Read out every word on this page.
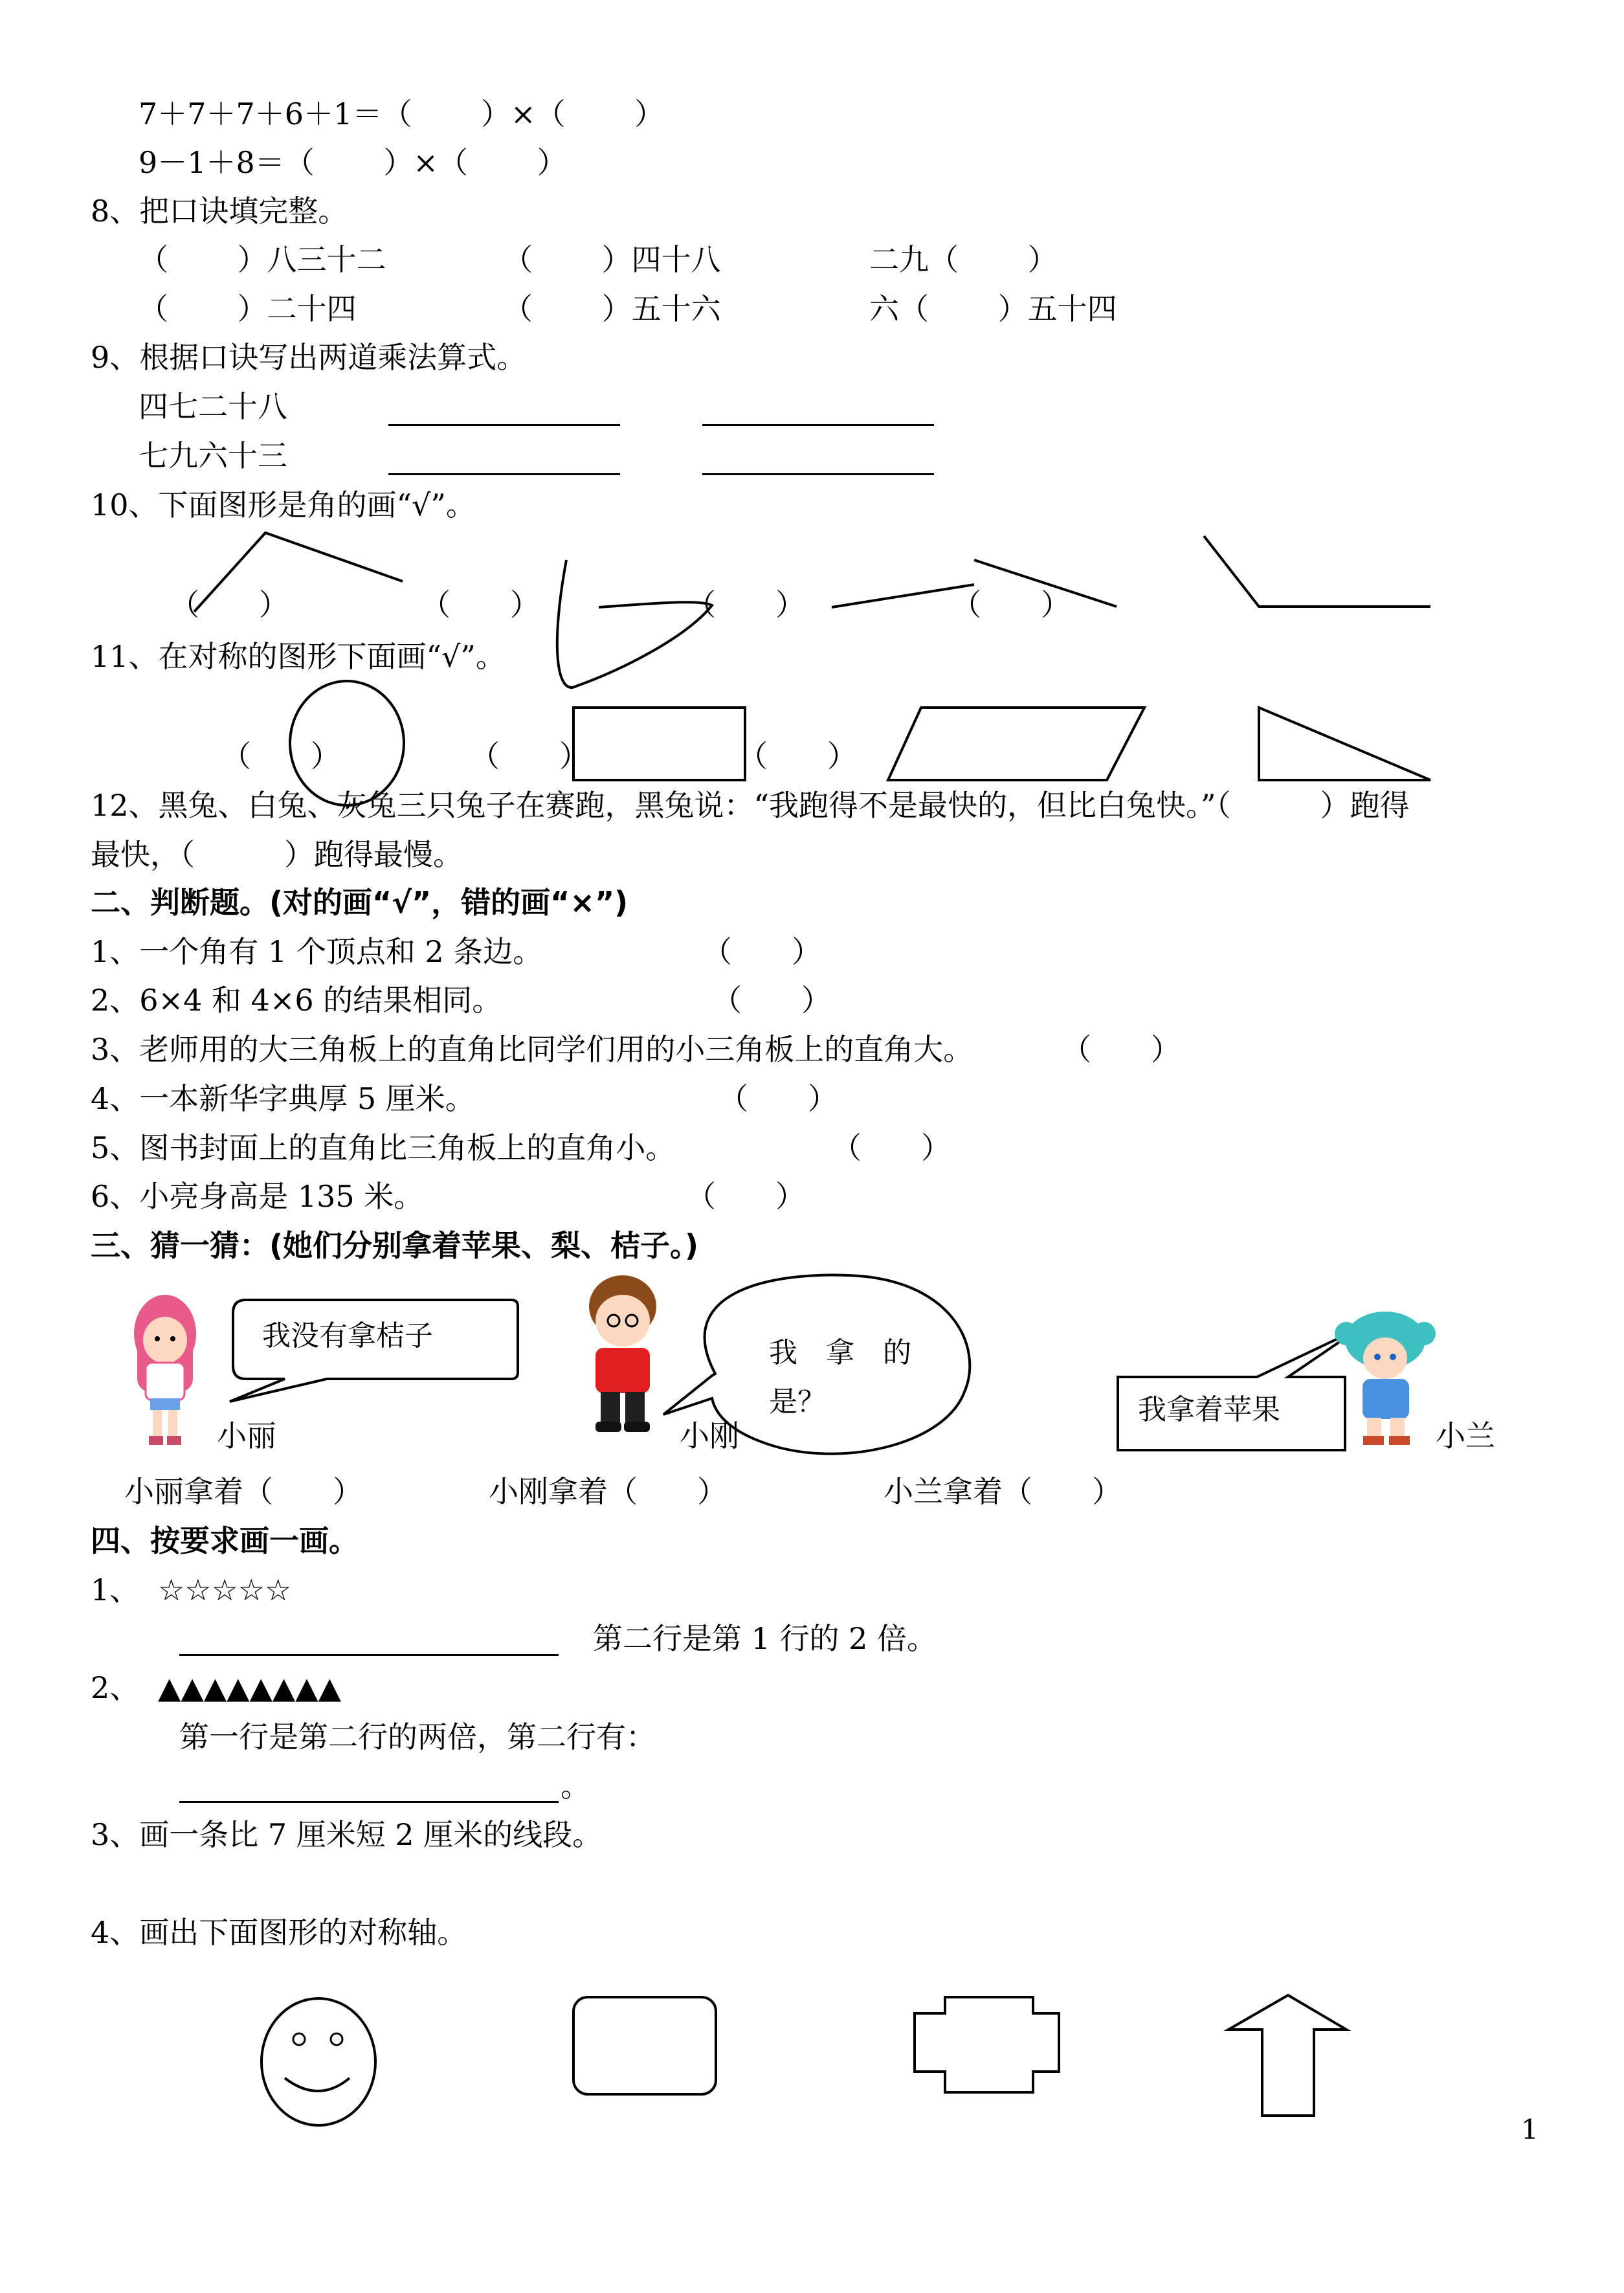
7＋7＋7＋6＋1＝（　　 ）×（　　 ）
9－1＋8＝（　　 ）×（　　 ）
8、把口诀填完整。
（　　 ）八三十二	（　　 ）四十八	二九（　　 ）
（　　 ）二十四	（　　 ）五十六	六（　　 ）五十四
9、根据口诀写出两道乘法算式。
四七二十八
七九六十三
10、下面图形是角的画“√”。
（　　）	（　　）	（　　）	（　　）
11、在对称的图形下面画“√”。
（　　）	（　　）	（　　）
12、黑兔、白兔、灰兔三只兔子在赛跑，黑兔说：“我跑得不是最快的，但比白兔快。”（　　　）跑得
最快，（　　　）跑得最慢。
二、判断题。(对的画“√”，错的画“×”)
1、一个角有 1 个顶点和 2 条边。	（　　）
2、6×4 和 4×6 的结果相同。	（　　）
3、老师用的大三角板上的直角比同学们用的小三角板上的直角大。	（　　）
4、一本新华字典厚 5 厘米。	（　　）
5、图书封面上的直角比三角板上的直角小。	（　　）
6、小亮身高是 135 米。	（　　）
三、猜一猜：(她们分别拿着苹果、梨、桔子。)
我没有拿桔子
我　拿　的
是？	我拿着苹果
小丽	小刚	小兰
小丽拿着（　　）	小刚拿着（　　）	小兰拿着（　　）
四、按要求画一画。
1、 ☆☆☆☆☆
第二行是第 1 行的 2 倍。
2、 ▲▲▲▲▲▲▲▲
第一行是第二行的两倍，第二行有：
。
3、画一条比 7 厘米短 2 厘米的线段。
4、画出下面图形的对称轴。
1
